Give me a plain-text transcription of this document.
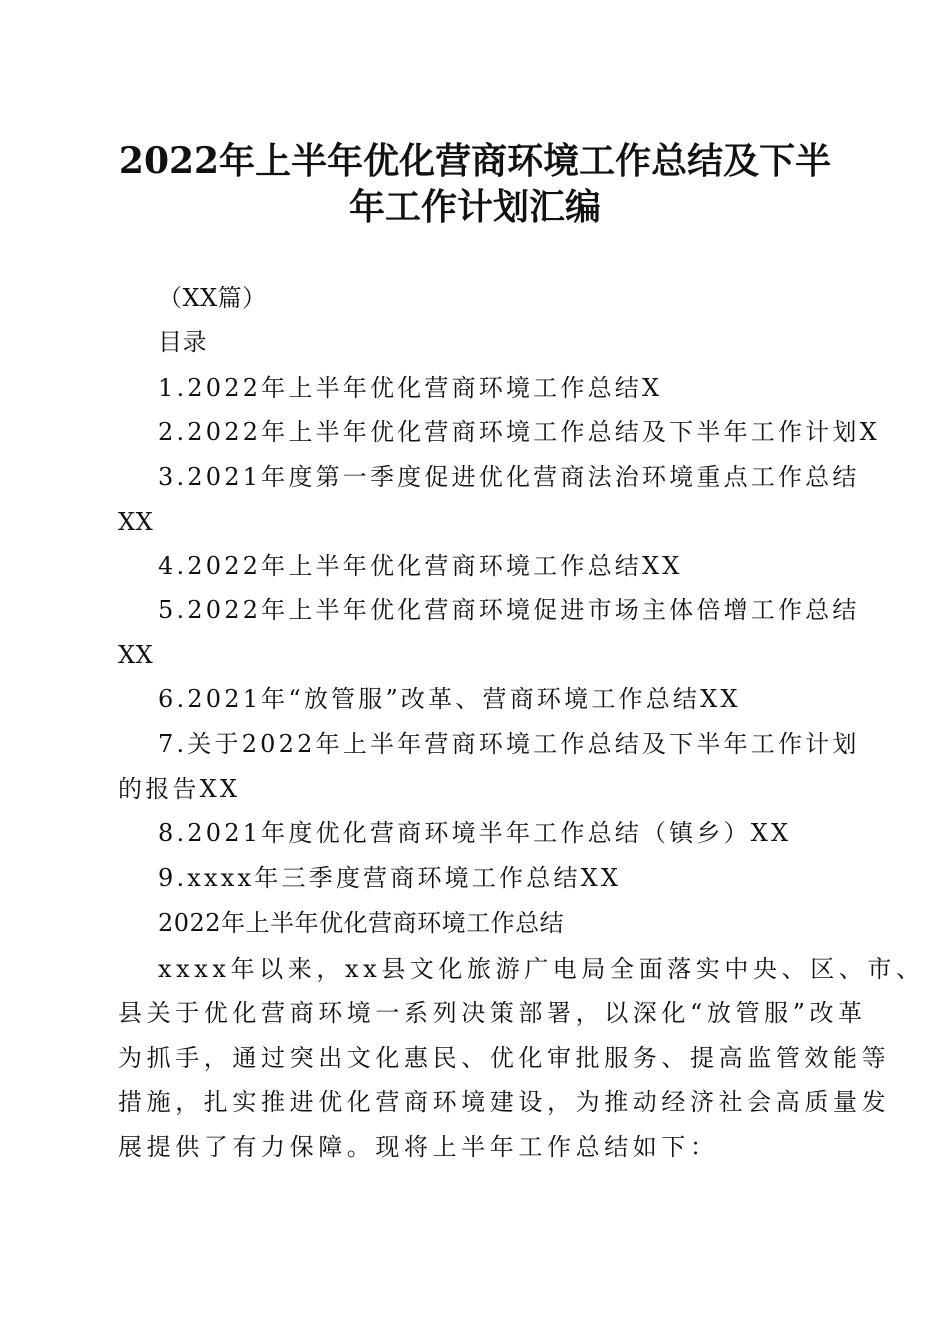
2022年上半年优化营商环境工作总结及下半
年工作计划汇编
（XX篇）
目录
1.2022年上半年优化营商环境工作总结X
2.2022年上半年优化营商环境工作总结及下半年工作计划X
3.2021年度第一季度促进优化营商法治环境重点工作总结
XX
4.2022年上半年优化营商环境工作总结XX
5.2022年上半年优化营商环境促进市场主体倍增工作总结
XX
6.2021年“放管服”改革、营商环境工作总结XX
7.关于2022年上半年营商环境工作总结及下半年工作计划
的报告XX
8.2021年度优化营商环境半年工作总结（镇乡）XX
9.xxxx年三季度营商环境工作总结XX
2022年上半年优化营商环境工作总结
xxxx年以来，xx县文化旅游广电局全面落实中央、区、市、
县关于优化营商环境一系列决策部署，以深化“放管服”改革
为抓手，通过突出文化惠民、优化审批服务、提高监管效能等
措施，扎实推进优化营商环境建设，为推动经济社会高质量发
展提供了有力保障。现将上半年工作总结如下：
